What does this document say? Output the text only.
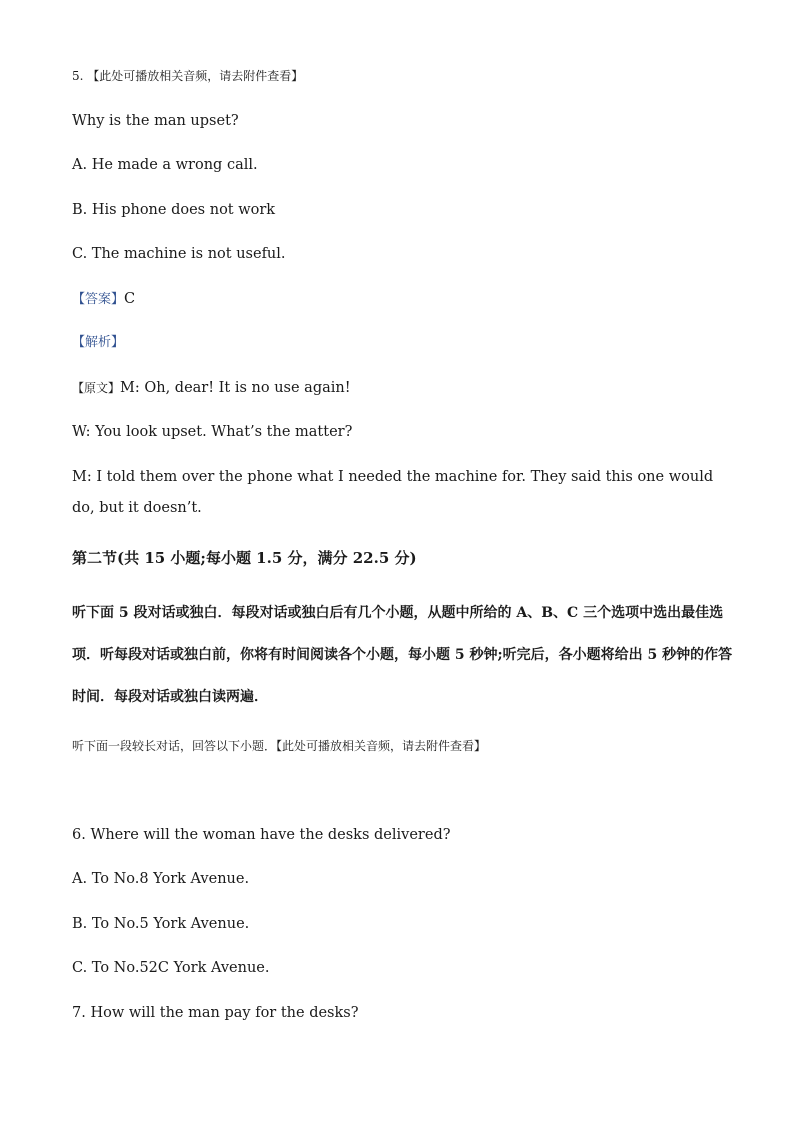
5. 【此处可播放相关音频，请去附件查看】
Why is the man upset?
A. He made a wrong call.
B. His phone does not work
C. The machine is not useful.
【答案】C
【解析】
【原文】M: Oh, dear! It is no use again!
W: You look upset. What’s the matter?
M: I told them over the phone what I needed the machine for. They said this one would do, but it doesn’t.
第二节(共 15 小题;每小题 1.5 分，满分 22.5 分)
听下面 5 段对话或独白．每段对话或独白后有几个小题，从题中所给的 A、B、C 三个选项中选出最佳选项．听每段对话或独白前，你将有时间阅读各个小题，每小题 5 秒钟;听完后，各小题将给出 5 秒钟的作答时间．每段对话或独白读两遍．
听下面一段较长对话，回答以下小题．【此处可播放相关音频，请去附件查看】
6. Where will the woman have the desks delivered?
A. To No.8 York Avenue.
B. To No.5 York Avenue.
C. To No.52C York Avenue.
7. How will the man pay for the desks?
